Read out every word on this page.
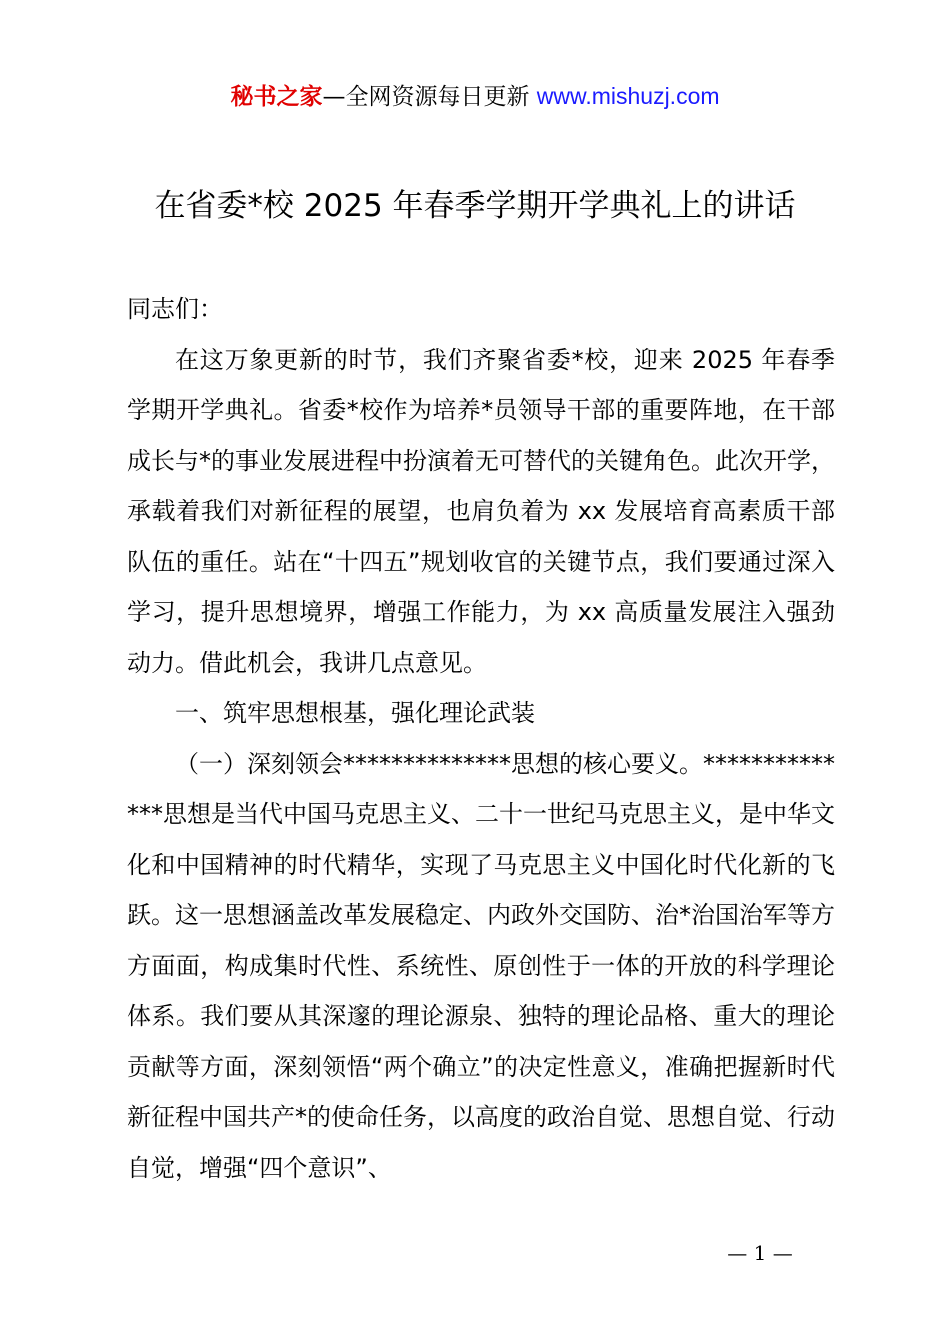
秘书之家—全网资源每日更新 www.mishuzj.com
在省委*校 2025 年春季学期开学典礼上的讲话

同志们：

在这万象更新的时节，我们齐聚省委*校，迎来 2025 年春季学期开学典礼。省委*校作为培养*员领导干部的重要阵地，在干部成长与*的事业发展进程中扮演着无可替代的关键角色。此次开学，承载着我们对新征程的展望，也肩负着为 xx 发展培育高素质干部队伍的重任。站在“十四五”规划收官的关键节点，我们要通过深入学习，提升思想境界，增强工作能力，为 xx 高质量发展注入强劲动力。借此机会，我讲几点意见。

一、筑牢思想根基，强化理论武装

（一）深刻领会**************思想的核心要义。**************思想是当代中国马克思主义、二十一世纪马克思主义，是中华文化和中国精神的时代精华，实现了马克思主义中国化时代化新的飞跃。这一思想涵盖改革发展稳定、内政外交国防、治*治国治军等方方面面，构成集时代性、系统性、原创性于一体的开放的科学理论体系。我们要从其深邃的理论源泉、独特的理论品格、重大的理论贡献等方面，深刻领悟“两个确立”的决定性意义，准确把握新时代新征程中国共产*的使命任务，以高度的政治自觉、思想自觉、行动自觉，增强“四个意识”、

— 1 —
